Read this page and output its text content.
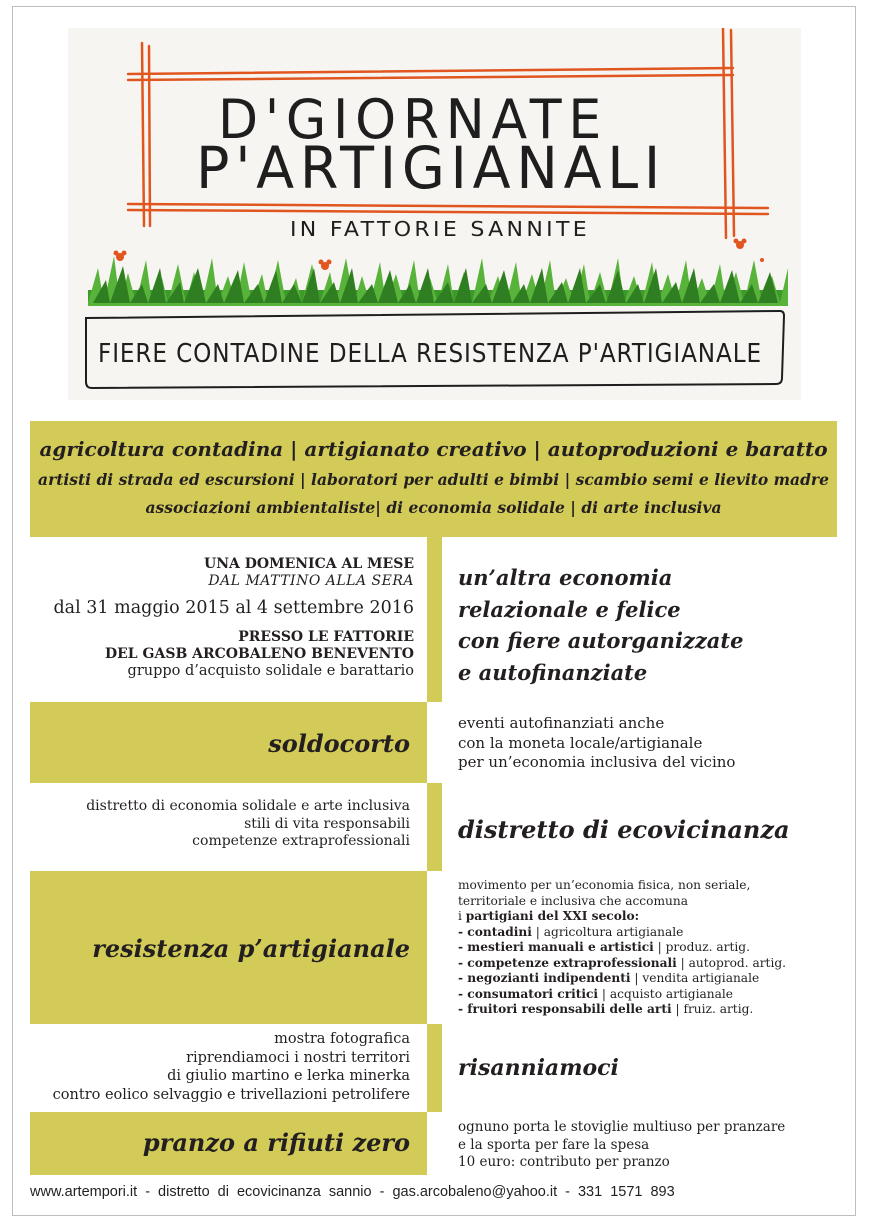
D'GIORNATE
P'ARTIGIANALI
IN FATTORIE SANNITE
FIERE CONTADINE DELLA RESISTENZA P'ARTIGIANALE
agricoltura contadina | artigianato creativo | autoproduzioni e baratto
artisti di strada ed escursioni | laboratori per adulti e bimbi | scambio semi e lievito madre
associazioni ambientaliste| di economia solidale | di arte inclusiva
UNA DOMENICA AL MESE
DAL MATTINO ALLA SERA
dal 31 maggio 2015 al 4 settembre 2016
PRESSO LE FATTORIE
DEL GASB ARCOBALENO BENEVENTO
gruppo d’acquisto solidale e barattario
un’altra economia
relazionale e felice
con fiere autorganizzate
e autofinanziate
soldocorto
eventi autofinanziati anche
con la moneta locale/artigianale
per un’economia inclusiva del vicino
distretto di economia solidale e arte inclusiva
stili di vita responsabili
competenze extraprofessionali distretto di ecovicinanza
resistenza p’artigianale
movimento per un’economia fisica, non seriale,
territoriale e inclusiva che accomuna
i partigiani del XXI secolo:
- contadini | agricoltura artigianale
- mestieri manuali e artistici | produz. artig.
- competenze extraprofessionali | autoprod. artig.
- negozianti indipendenti | vendita artigianale
- consumatori critici | acquisto artigianale
- fruitori responsabili delle arti | fruiz. artig.
mostra fotografica
riprendiamoci i nostri territori
di giulio martino e lerka minerka
contro eolico selvaggio e trivellazioni petrolifere
risanniamoci
pranzo a rifiuti zero
ognuno porta le stoviglie multiuso per pranzare
e la sporta per fare la spesa
10 euro: contributo per pranzo
www.artempori.it - distretto di ecovicinanza sannio - gas.arcobaleno@yahoo.it - 331 1571 893
